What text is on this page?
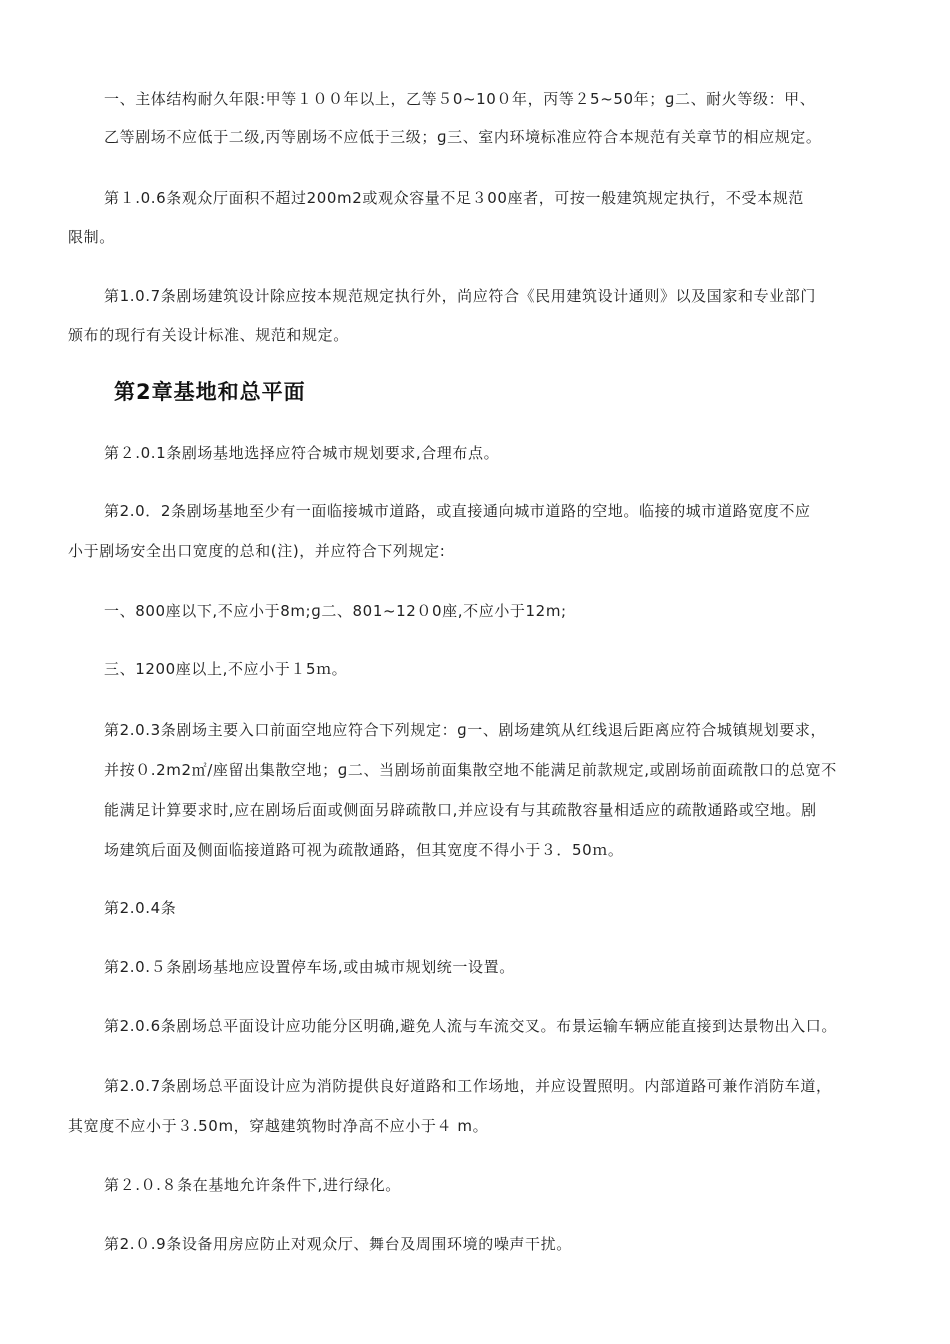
一、主体结构耐久年限:甲等１００年以上，乙等５0~10０年，丙等２5~50年；ɡ二、耐火等级：甲、
乙等剧场不应低于二级,丙等剧场不应低于三级；ɡ三、室内环境标准应符合本规范有关章节的相应规定。
第１.0.6条观众厅面积不超过200m2或观众容量不足３00座者，可按一般建筑规定执行，不受本规范
限制。
第1.0.7条剧场建筑设计除应按本规范规定执行外，尚应符合《民用建筑设计通则》以及国家和专业部门
颁布的现行有关设计标准、规范和规定。
第2章基地和总平面
第２.0.1条剧场基地选择应符合城市规划要求,合理布点。
第2.0．2条剧场基地至少有一面临接城市道路，或直接通向城市道路的空地。临接的城市道路宽度不应
小于剧场安全出口宽度的总和(注)，并应符合下列规定:
一、800座以下,不应小于8m;ɡ二、801~12０0座,不应小于12m;
三、1200座以上,不应小于１5ｍ。
第2.0.3条剧场主要入口前面空地应符合下列规定：ɡ一、剧场建筑从红线退后距离应符合城镇规划要求，
并按０.2m2㎡/座留出集散空地；ɡ二、当剧场前面集散空地不能满足前款规定,或剧场前面疏散口的总宽不
能满足计算要求时,应在剧场后面或侧面另辟疏散口,并应设有与其疏散容量相适应的疏散通路或空地。剧
场建筑后面及侧面临接道路可视为疏散通路，但其宽度不得小于３．50ｍ。
第2.0.4条
第2.0.５条剧场基地应设置停车场,或由城市规划统一设置。
第2.0.6条剧场总平面设计应功能分区明确,避免人流与车流交叉。布景运输车辆应能直接到达景物出入口。
第2.0.7条剧场总平面设计应为消防提供良好道路和工作场地，并应设置照明。内部道路可兼作消防车道，
其宽度不应小于３.50m，穿越建筑物时净高不应小于４ m。
第２.０.８条在基地允许条件下,进行绿化。
第2.０.9条设备用房应防止对观众厅、舞台及周围环境的噪声干扰。
